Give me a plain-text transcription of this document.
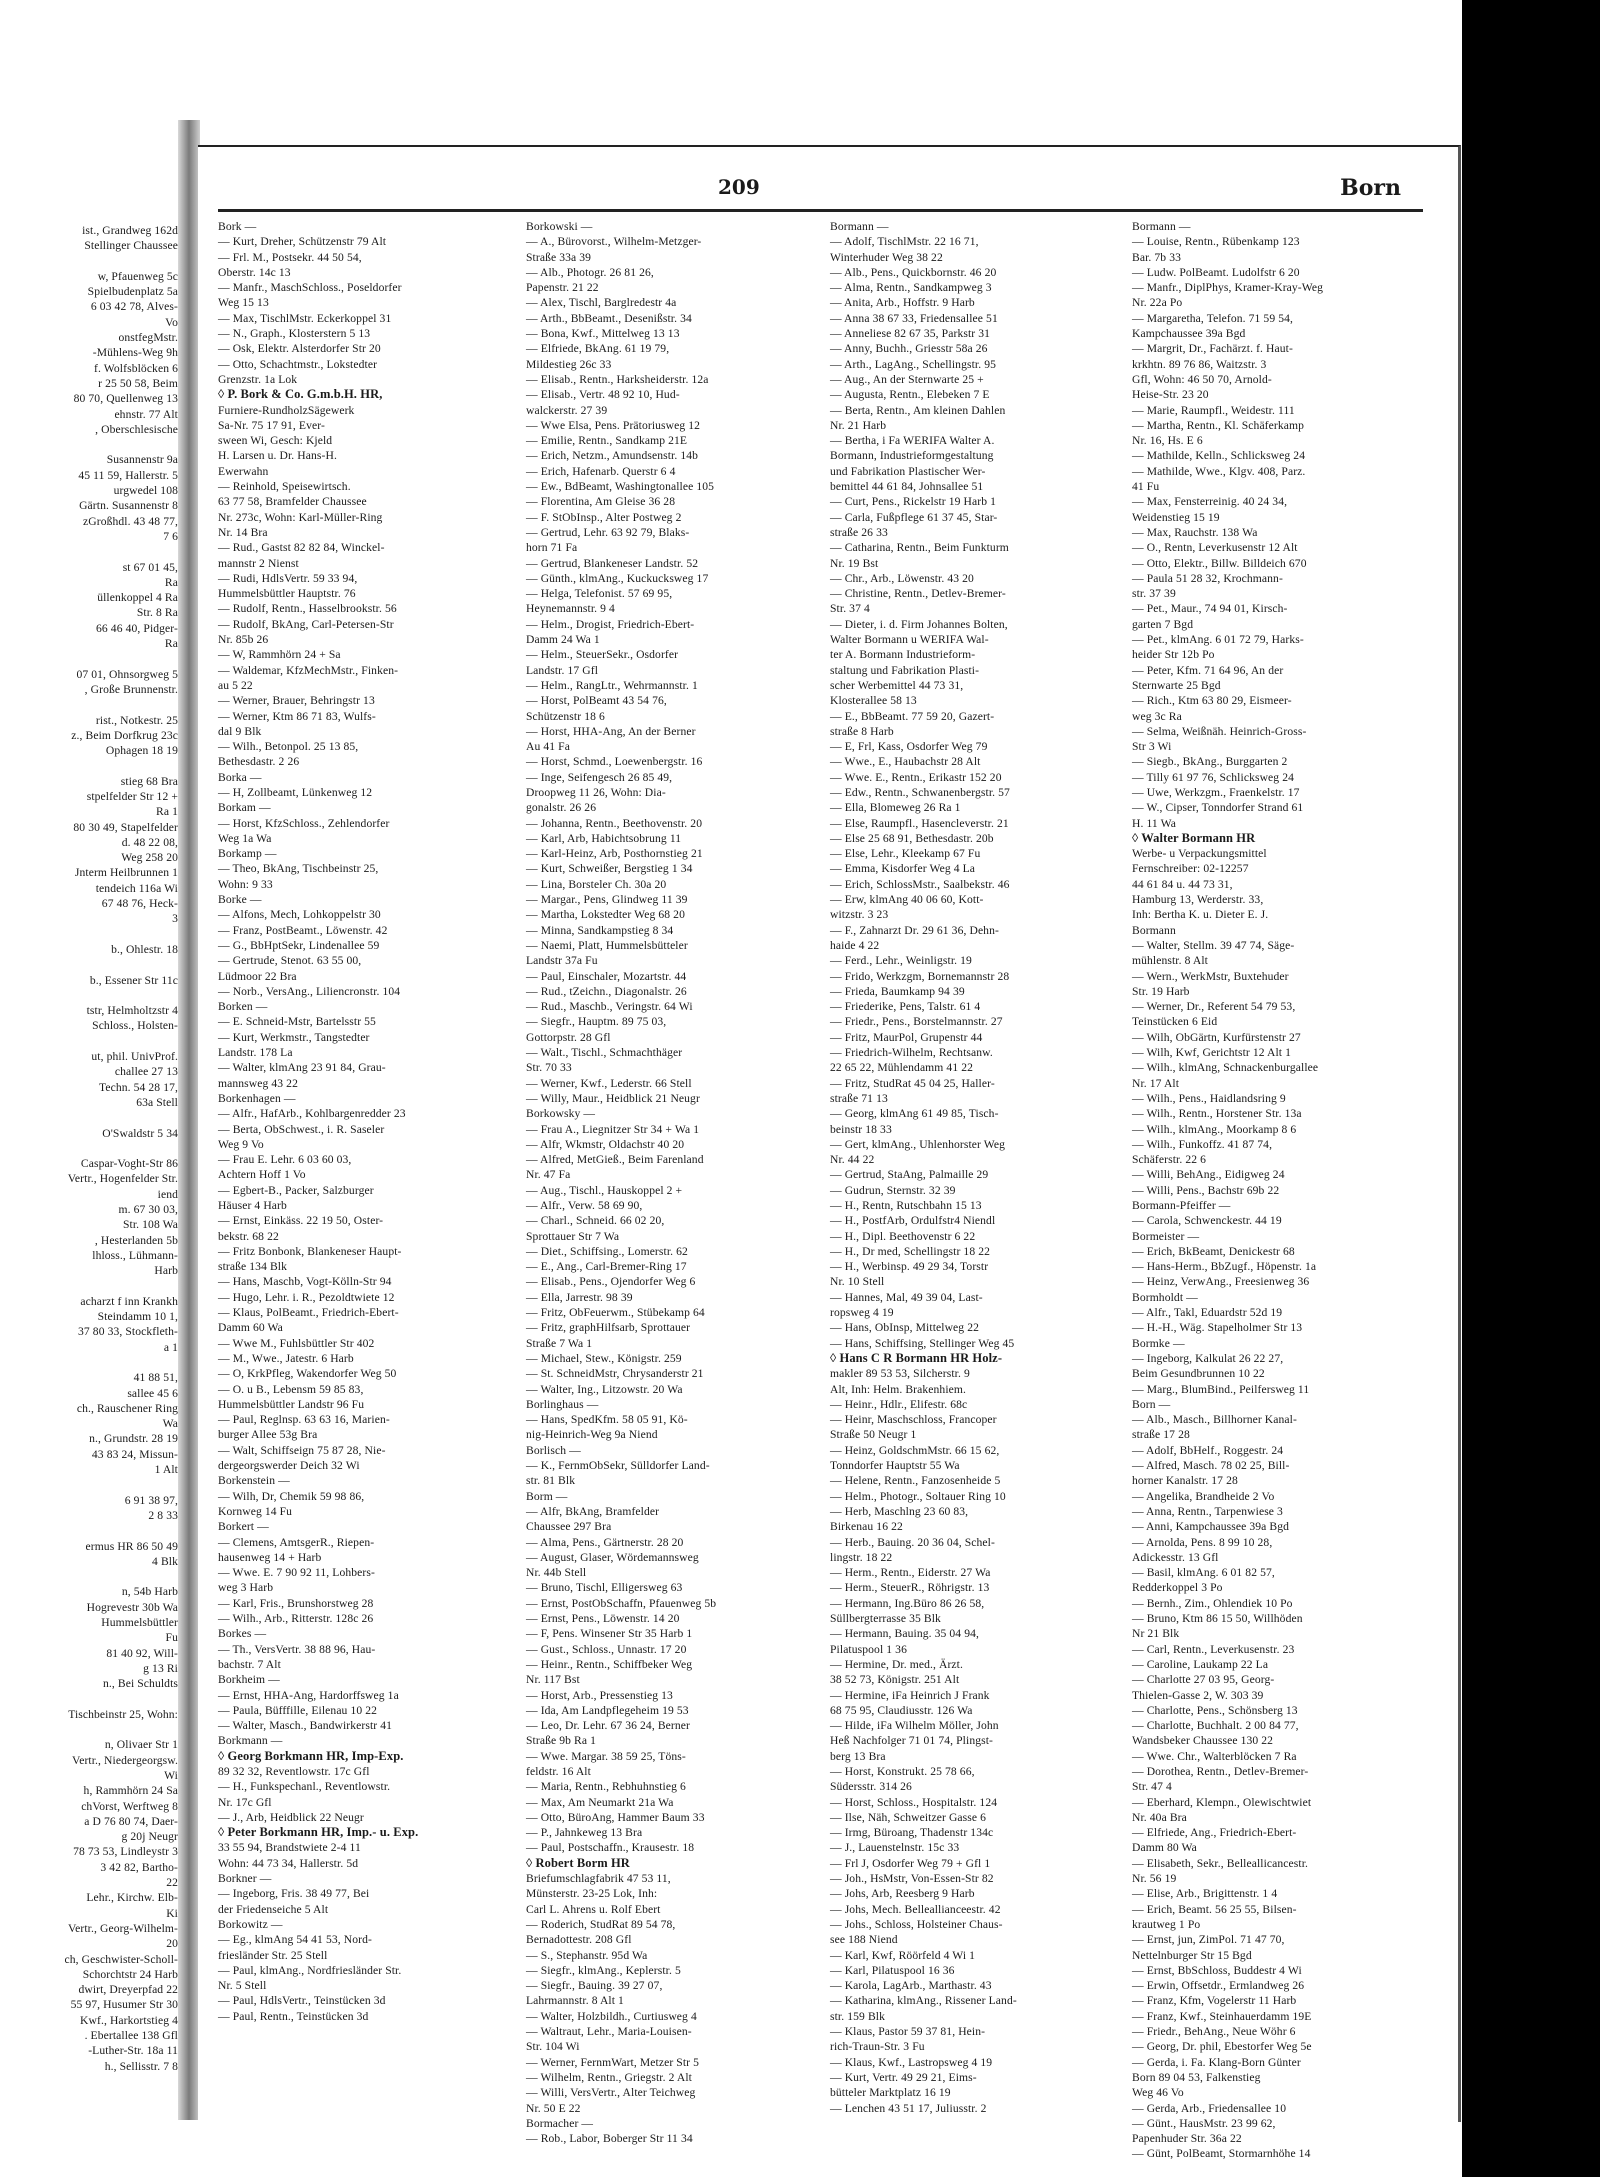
ist., Grandweg 162d
Stellinger Chaussee

w, Pfauenweg 5c
Spielbudenplatz 5a
6 03 42 78, Alves-
Vo
onstfegMstr.
-Mühlens-Weg 9h
f. Wolfsblöcken 6
r 25 50 58, Beim
80 70, Quellenweg 13
ehnstr. 77 Alt
, Oberschlesische

Susannenstr 9a
45 11 59, Hallerstr. 5
urgwedel 108
Gärtn. Susannenstr 8
zGroßhdl. 43 48 77,
7 6

st 67 01 45,
Ra
üllenkoppel 4 Ra
Str. 8 Ra
66 46 40, Pidger-
Ra

07 01, Ohnsorgweg 5
, Große Brunnenstr.

rist., Notkestr. 25
z., Beim Dorfkrug 23c
Ophagen 18 19

stieg 68 Bra
stpelfelder Str 12 +
Ra 1
80 30 49, Stapelfelder
d. 48 22 08,
Weg 258 20
Jnterm Heilbrunnen 1
tendeich 116a Wi
67 48 76, Heck-
3

b., Ohlestr. 18

b., Essener Str 11c

tstr, Helmholtzstr 4
Schloss., Holsten-

ut, phil. UnivProf.
challee 27 13
Techn. 54 28 17,
63a Stell

O'Swaldstr 5 34

Caspar-Voght-Str 86
Vertr., Hogenfelder Str.
iend
m. 67 30 03,
Str. 108 Wa
, Hesterlanden 5b
lhloss., Lühmann-
Harb

acharzt f inn Krankh
Steindamm 10 1,
37 80 33, Stockfleth-
a 1

41 88 51,
sallee 45 6
ch., Rauschener Ring
Wa
n., Grundstr. 28 19
43 83 24, Missun-
1 Alt

6 91 38 97,
2 8 33

ermus HR 86 50 49
4 Blk

n, 54b Harb
Hogrevestr 30b Wa
Hummelsbüttler
Fu
81 40 92, Will-
g 13 Ri
n., Bei Schuldts

Tischbeinstr 25, Wohn:

n, Olivaer Str 1
Vertr., Niedergeorgsw.
Wi
h, Rammhörn 24 Sa
chVorst, Werftweg 8
a D 76 80 74, Daer-
g 20j Neugr
78 73 53, Lindleystr 3
3 42 82, Bartho-
22
Lehr., Kirchw. Elb-
Ki
Vertr., Georg-Wilhelm-
20
ch, Geschwister-Scholl-
Schorchtstr 24 Harb
dwirt, Dreyerpfad 22
55 97, Husumer Str 30
Kwf., Harkortstieg 4
. Ebertallee 138 Gfl
-Luther-Str. 18a 11
h., Sellisstr. 7 8
209	Born
Bork —
— Kurt, Dreher, Schützenstr 79 Alt
— Frl. M., Postsekr. 44 50 54,
Oberstr. 14c 13
— Manfr., MaschSchloss., Poseldorfer
Weg 15 13
— Max, TischlMstr. Eckerkoppel 31
— N., Graph., Klosterstern 5 13
— Osk, Elektr. Alsterdorfer Str 20
— Otto, Schachtmstr., Lokstedter
Grenzstr. 1a Lok
◊ P. Bork & Co. G.m.b.H. HR,
Furniere-RundholzSägewerk
Sa-Nr. 75 17 91, Ever-
sween Wi, Gesch: Kjeld
H. Larsen u. Dr. Hans-H.
Ewerwahn
— Reinhold, Speisewirtsch.
63 77 58, Bramfelder Chaussee
Nr. 273c, Wohn: Karl-Müller-Ring
Nr. 14 Bra
— Rud., Gastst 82 82 84, Winckel-
mannstr 2 Nienst
— Rudi, HdlsVertr. 59 33 94,
Hummelsbüttler Hauptstr. 76
— Rudolf, Rentn., Hasselbrookstr. 56
— Rudolf, BkAng, Carl-Petersen-Str
Nr. 85b 26
— W, Rammhörn 24 + Sa
— Waldemar, KfzMechMstr., Finken-
au 5 22
— Werner, Brauer, Behringstr 13
— Werner, Ktm 86 71 83, Wulfs-
dal 9 Blk
— Wilh., Betonpol. 25 13 85,
Bethesdastr. 2 26
Borka —
— H, Zollbeamt, Lünkenweg 12
Borkam —
— Horst, KfzSchloss., Zehlendorfer
Weg 1a Wa
Borkamp —
— Theo, BkAng, Tischbeinstr 25,
Wohn: 9 33
Borke —
— Alfons, Mech, Lohkoppelstr 30
— Franz, PostBeamt., Löwenstr. 42
— G., BbHptSekr, Lindenallee 59
— Gertrude, Stenot. 63 55 00,
Lüdmoor 22 Bra
— Norb., VersAng., Liliencronstr. 104
Borken —
— E. Schneid-Mstr, Bartelsstr 55
— Kurt, Werkmstr., Tangstedter
Landstr. 178 La
— Walter, klmAng 23 91 84, Grau-
mannsweg 43 22
Borkenhagen —
— Alfr., HafArb., Kohlbargenredder 23
— Berta, ObSchwest., i. R. Saseler
Weg 9 Vo
— Frau E. Lehr. 6 03 60 03,
Achtern Hoff 1 Vo
— Egbert-B., Packer, Salzburger
Häuser 4 Harb
— Ernst, Einkäss. 22 19 50, Oster-
bekstr. 68 22
— Fritz Bonbonk, Blankeneser Haupt-
straße 134 Blk
— Hans, Maschb, Vogt-Kölln-Str 94
— Hugo, Lehr. i. R., Pezoldtwiete 12
— Klaus, PolBeamt., Friedrich-Ebert-
Damm 60 Wa
— Wwe M., Fuhlsbüttler Str 402
— M., Wwe., Jatestr. 6 Harb
— O, KrkPfleg, Wakendorfer Weg 50
— O. u B., Lebensm 59 85 83,
Hummelsbüttler Landstr 96 Fu
— Paul, Reglnsp. 63 63 16, Marien-
burger Allee 53g Bra
— Walt, Schiffseign 75 87 28, Nie-
dergeorgswerder Deich 32 Wi
Borkenstein —
— Wilh, Dr, Chemik 59 98 86,
Kornweg 14 Fu
Borkert —
— Clemens, AmtsgerR., Riepen-
hausenweg 14 + Harb
— Wwe. E. 7 90 92 11, Lohbers-
weg 3 Harb
— Karl, Fris., Brunshorstweg 28
— Wilh., Arb., Ritterstr. 128c 26
Borkes —
— Th., VersVertr. 38 88 96, Hau-
bachstr. 7 Alt
Borkheim —
— Ernst, HHA-Ang, Hardorffsweg 1a
— Paula, Büfffille, Eilenau 10 22
— Walter, Masch., Bandwirkerstr 41
Borkmann —
◊ Georg Borkmann HR, Imp-Exp.
89 32 32, Reventlowstr. 17c Gfl
— H., Funkspechanl., Reventlowstr.
Nr. 17c Gfl
— J., Arb, Heidblick 22 Neugr
◊ Peter Borkmann HR, Imp.- u. Exp.
33 55 94, Brandstwiete 2-4 11
Wohn: 44 73 34, Hallerstr. 5d
Borkner —
— Ingeborg, Fris. 38 49 77, Bei
der Friedenseiche 5 Alt
Borkowitz —
— Eg., klmAng 54 41 53, Nord-
friesländer Str. 25 Stell
— Paul, klmAng., Nordfriesländer Str.
Nr. 5 Stell
— Paul, HdlsVertr., Teinstücken 3d
— Paul, Rentn., Teinstücken 3d
Borkowski —
— A., Bürovorst., Wilhelm-Metzger-
Straße 33a 39
— Alb., Photogr. 26 81 26,
Papenstr. 21 22
— Alex, Tischl, Barglredestr 4a
— Arth., BbBeamt., Desenißstr. 34
— Bona, Kwf., Mittelweg 13 13
— Elfriede, BkAng. 61 19 79,
Mildestieg 26c 33
— Elisab., Rentn., Harksheiderstr. 12a
— Elisab., Vertr. 48 92 10, Hud-
walckerstr. 27 39
— Wwe Elsa, Pens. Prätoriusweg 12
— Emilie, Rentn., Sandkamp 21E
— Erich, Netzm., Amundsenstr. 14b
— Erich, Hafenarb. Querstr 6 4
— Ew., BdBeamt, Washingtonallee 105
— Florentina, Am Gleise 36 28
— F. StObInsp., Alter Postweg 2
— Gertrud, Lehr. 63 92 79, Blaks-
horn 71 Fa
— Gertrud, Blankeneser Landstr. 52
— Günth., klmAng., Kuckucksweg 17
— Helga, Telefonist. 57 69 95,
Heynemannstr. 9 4
— Helm., Drogist, Friedrich-Ebert-
Damm 24 Wa 1
— Helm., SteuerSekr., Osdorfer
Landstr. 17 Gfl
— Helm., RangLtr., Wehrmannstr. 1
— Horst, PolBeamt 43 54 76,
Schützenstr 18 6
— Horst, HHA-Ang, An der Berner
Au 41 Fa
— Horst, Schmd., Loewenbergstr. 16
— Inge, Seifengesch 26 85 49,
Droopweg 11 26, Wohn: Dia-
gonalstr. 26 26
— Johanna, Rentn., Beethovenstr. 20
— Karl, Arb, Habichtsobrung 11
— Karl-Heinz, Arb, Posthornstieg 21
— Kurt, Schweißer, Bergstieg 1 34
— Lina, Borsteler Ch. 30a 20
— Margar., Pens, Glindweg 11 39
— Martha, Lokstedter Weg 68 20
— Minna, Sandkampstieg 8 34
— Naemi, Platt, Hummelsbütteler
Landstr 37a Fu
— Paul, Einschaler, Mozartstr. 44
— Rud., tZeichn., Diagonalstr. 26
— Rud., Maschb., Veringstr. 64 Wi
— Siegfr., Hauptm. 89 75 03,
Gottorpstr. 28 Gfl
— Walt., Tischl., Schmachthäger
Str. 70 33
— Werner, Kwf., Lederstr. 66 Stell
— Willy, Maur., Heidblick 21 Neugr
Borkowsky —
— Frau A., Liegnitzer Str 34 + Wa 1
— Alfr, Wkmstr, Oldachstr 40 20
— Alfred, MetGieß., Beim Farenland
Nr. 47 Fa
— Aug., Tischl., Hauskoppel 2 +
— Alfr., Verw. 58 69 90,
— Charl., Schneid. 66 02 20,
Sprottauer Str 7 Wa
— Diet., Schiffsing., Lomerstr. 62
— E., Ang., Carl-Bremer-Ring 17
— Elisab., Pens., Ojendorfer Weg 6
— Ella, Jarrestr. 98 39
— Fritz, ObFeuerwm., Stübekamp 64
— Fritz, graphHilfsarb, Sprottauer
Straße 7 Wa 1
— Michael, Stew., Königstr. 259
— St. SchneidMstr, Chrysanderstr 21
— Walter, Ing., Litzowstr. 20 Wa
Borlinghaus —
— Hans, SpedKfm. 58 05 91, Kö-
nig-Heinrich-Weg 9a Niend
Borlisch —
— K., FernmObSekr, Sülldorfer Land-
str. 81 Blk
Borm —
— Alfr, BkAng, Bramfelder
Chaussee 297 Bra
— Alma, Pens., Gärtnerstr. 28 20
— August, Glaser, Wördemannsweg
Nr. 44b Stell
— Bruno, Tischl, Elligersweg 63
— Ernst, PostObSchaffn, Pfauenweg 5b
— Ernst, Pens., Löwenstr. 14 20
— F, Pens. Winsener Str 35 Harb 1
— Gust., Schloss., Unnastr. 17 20
— Heinr., Rentn., Schiffbeker Weg
Nr. 117 Bst
— Horst, Arb., Pressenstieg 13
— Ida, Am Landpflegeheim 19 53
— Leo, Dr. Lehr. 67 36 24, Berner
Straße 9b Ra 1
— Wwe. Margar. 38 59 25, Töns-
feldstr. 16 Alt
— Maria, Rentn., Rebhuhnstieg 6
— Max, Am Neumarkt 21a Wa
— Otto, BüroAng, Hammer Baum 33
— P., Jahnkeweg 13 Bra
— Paul, Postschaffn., Krausestr. 18
◊ Robert Borm HR
Briefumschlagfabrik 47 53 11,
Münsterstr. 23-25 Lok, Inh:
Carl L. Ahrens u. Rolf Ebert
— Roderich, StudRat 89 54 78,
Bernadottestr. 208 Gfl
— S., Stephanstr. 95d Wa
— Siegfr., klmAng., Keplerstr. 5
— Siegfr., Bauing. 39 27 07,
Lahrmannstr. 8 Alt 1
— Walter, Holzbildh., Curtiusweg 4
— Waltraut, Lehr., Maria-Louisen-
Str. 104 Wi
— Werner, FernmWart, Metzer Str 5
— Wilhelm, Rentn., Griegstr. 2 Alt
— Willi, VersVertr., Alter Teichweg
Nr. 50 E 22
Bormacher —
— Rob., Labor, Boberger Str 11 34
Bormann —
— Adolf, TischlMstr. 22 16 71,
Winterhuder Weg 38 22
— Alb., Pens., Quickbornstr. 46 20
— Alma, Rentn., Sandkampweg 3
— Anita, Arb., Hoffstr. 9 Harb
— Anna 38 67 33, Friedensallee 51
— Anneliese 82 67 35, Parkstr 31
— Anny, Buchh., Griesstr 58a 26
— Arth., LagAng., Schellingstr. 95
— Aug., An der Sternwarte 25 +
— Augusta, Rentn., Elebeken 7 E
— Berta, Rentn., Am kleinen Dahlen
Nr. 21 Harb
— Bertha, i Fa WERIFA Walter A.
Bormann, Industrieformgestaltung
und Fabrikation Plastischer Wer-
bemittel 44 61 84, Johnsallee 51
— Curt, Pens., Rickelstr 19 Harb 1
— Carla, Fußpflege 61 37 45, Star-
straße 26 33
— Catharina, Rentn., Beim Funkturm
Nr. 19 Bst
— Chr., Arb., Löwenstr. 43 20
— Christine, Rentn., Detlev-Bremer-
Str. 37 4
— Dieter, i. d. Firm Johannes Bolten,
Walter Bormann u WERIFA Wal-
ter A. Bormann Industrieform-
staltung und Fabrikation Plasti-
scher Werbemittel 44 73 31,
Klosterallee 58 13
— E., BbBeamt. 77 59 20, Gazert-
straße 8 Harb
— E, Frl, Kass, Osdorfer Weg 79
— Wwe., E., Haubachstr 28 Alt
— Wwe. E., Rentn., Erikastr 152 20
— Edw., Rentn., Schwanenbergstr. 57
— Ella, Blomeweg 26 Ra 1
— Else, Raumpfl., Hasencleverstr. 21
— Else 25 68 91, Bethesdastr. 20b
— Else, Lehr., Kleekamp 67 Fu
— Emma, Kisdorfer Weg 4 La
— Erich, SchlossMstr., Saalbekstr. 46
— Erw, klmAng 40 06 60, Kott-
witzstr. 3 23
— F., Zahnarzt Dr. 29 61 36, Dehn-
haide 4 22
— Ferd., Lehr., Weinligstr. 19
— Frido, Werkzgm, Bornemannstr 28
— Frieda, Baumkamp 94 39
— Friederike, Pens, Talstr. 61 4
— Friedr., Pens., Borstelmannstr. 27
— Fritz, MaurPol, Grupenstr 44
— Friedrich-Wilhelm, Rechtsanw.
22 65 22, Mühlendamm 41 22
— Fritz, StudRat 45 04 25, Haller-
straße 71 13
— Georg, klmAng 61 49 85, Tisch-
beinstr 18 33
— Gert, klmAng., Uhlenhorster Weg
Nr. 44 22
— Gertrud, StaAng, Palmaille 29
— Gudrun, Sternstr. 32 39
— H., Rentn, Rutschbahn 15 13
— H., PostfArb, Ordulfstr4 Niendl
— H., Dipl. Beethovenstr 6 22
— H., Dr med, Schellingstr 18 22
— H., Werbinsp. 49 29 34, Torstr
Nr. 10 Stell
— Hannes, Mal, 49 39 04, Last-
ropsweg 4 19
— Hans, ObInsp, Mittelweg 22
— Hans, Schiffsing, Stellinger Weg 45
◊ Hans C R Bormann HR Holz-
makler 89 53 53, Silcherstr. 9
Alt, Inh: Helm. Brakenhiem.
— Heinr., Hdlr., Elifestr. 68c
— Heinr, Maschschloss, Francoper
Straße 50 Neugr 1
— Heinz, GoldschmMstr. 66 15 62,
Tonndorfer Hauptstr 55 Wa
— Helene, Rentn., Fanzosenheide 5
— Helm., Photogr., Soltauer Ring 10
— Herb, Maschlng 23 60 83,
Birkenau 16 22
— Herb., Bauing. 20 36 04, Schel-
lingstr. 18 22
— Herm., Rentn., Eiderstr. 27 Wa
— Herm., SteuerR., Röhrigstr. 13
— Hermann, Ing.Büro 86 26 58,
Süllbergterrasse 35 Blk
— Hermann, Bauing. 35 04 94,
Pilatuspool 1 36
— Hermine, Dr. med., Ärzt.
38 52 73, Königstr. 251 Alt
— Hermine, iFa Heinrich J Frank
68 75 95, Claudiusstr. 126 Wa
— Hilde, iFa Wilhelm Möller, John
Heß Nachfolger 71 01 74, Plingst-
berg 13 Bra
— Horst, Konstrukt. 25 78 66,
Südersstr. 314 26
— Horst, Schloss., Hospitalstr. 124
— Ilse, Näh, Schweitzer Gasse 6
— Irmg, Büroang, Thadenstr 134c
— J., Lauenstelnstr. 15c 33
— Frl J, Osdorfer Weg 79 + Gfl 1
— Joh., HsMstr, Von-Essen-Str 82
— Johs, Arb, Reesberg 9 Harb
— Johs, Mech. Belleallianceestr. 42
— Johs., Schloss, Holsteiner Chaus-
see 188 Niend
— Karl, Kwf, Röörfeld 4 Wi 1
— Karl, Pilatuspool 16 36
— Karola, LagArb., Marthastr. 43
— Katharina, klmAng., Rissener Land-
str. 159 Blk
— Klaus, Pastor 59 37 81, Hein-
rich-Traun-Str. 3 Fu
— Klaus, Kwf., Lastropsweg 4 19
— Kurt, Vertr. 49 29 21, Eims-
bütteler Marktplatz 16 19
— Lenchen 43 51 17, Juliusstr. 2
Bormann —
— Louise, Rentn., Rübenkamp 123
Bar. 7b 33
— Ludw. PolBeamt. Ludolfstr 6 20
— Manfr., DiplPhys, Kramer-Kray-Weg
Nr. 22a Po
— Margaretha, Telefon. 71 59 54,
Kampchaussee 39a Bgd
— Margrit, Dr., Fachärzt. f. Haut-
krkhtn. 89 76 86, Waitzstr. 3
Gfl, Wohn: 46 50 70, Arnold-
Heise-Str. 23 20
— Marie, Raumpfl., Weidestr. 111
— Martha, Rentn., Kl. Schäferkamp
Nr. 16, Hs. E 6
— Mathilde, Kelln., Schlicksweg 24
— Mathilde, Wwe., Klgv. 408, Parz.
41 Fu
— Max, Fensterreinig. 40 24 34,
Weidenstieg 15 19
— Max, Rauchstr. 138 Wa
— O., Rentn, Leverkusenstr 12 Alt
— Otto, Elektr., Billw. Billdeich 670
— Paula 51 28 32, Krochmann-
str. 37 39
— Pet., Maur., 74 94 01, Kirsch-
garten 7 Bgd
— Pet., klmAng. 6 01 72 79, Harks-
heider Str 12b Po
— Peter, Kfm. 71 64 96, An der
Sternwarte 25 Bgd
— Rich., Ktm 63 80 29, Eismeer-
weg 3c Ra
— Selma, Weißnäh. Heinrich-Gross-
Str 3 Wi
— Siegb., BkAng., Burggarten 2
— Tilly 61 97 76, Schlicksweg 24
— Uwe, Werkzgm., Fraenkelstr. 17
— W., Cipser, Tonndorfer Strand 61
H. 11 Wa
◊ Walter Bormann HR
Werbe- u Verpackungsmittel
Fernschreiber: 02-12257
44 61 84 u. 44 73 31,
Hamburg 13, Werderstr. 33,
Inh: Bertha K. u. Dieter E. J.
Bormann
— Walter, Stellm. 39 47 74, Säge-
mühlenstr. 8 Alt
— Wern., WerkMstr, Buxtehuder
Str. 19 Harb
— Werner, Dr., Referent 54 79 53,
Teinstücken 6 Eid
— Wilh, ObGärtn, Kurfürstenstr 27
— Wilh, Kwf, Gerichtstr 12 Alt 1
— Wilh., klmAng, Schnackenburgallee
Nr. 17 Alt
— Wilh., Pens., Haidlandsring 9
— Wilh., Rentn., Horstener Str. 13a
— Wilh., klmAng., Moorkamp 8 6
— Wilh., Funkoffz. 41 87 74,
Schäferstr. 22 6
— Willi, BehAng., Eidigweg 24
— Willi, Pens., Bachstr 69b 22
Bormann-Pfeiffer —
— Carola, Schwenckestr. 44 19
Bormeister —
— Erich, BkBeamt, Denickestr 68
— Hans-Herm., BbZugf., Höpenstr. 1a
— Heinz, VerwAng., Freesienweg 36
Bormholdt —
— Alfr., Takl, Eduardstr 52d 19
— H.-H., Wäg. Stapelholmer Str 13
Bormke —
— Ingeborg, Kalkulat 26 22 27,
Beim Gesundbrunnen 10 22
— Marg., BlumBind., Peilfersweg 11
Born —
— Alb., Masch., Billhorner Kanal-
straße 17 28
— Adolf, BbHelf., Roggestr. 24
— Alfred, Masch. 78 02 25, Bill-
horner Kanalstr. 17 28
— Angelika, Brandheide 2 Vo
— Anna, Rentn., Tarpenwiese 3
— Anni, Kampchaussee 39a Bgd
— Arnolda, Pens. 8 99 10 28,
Adickesstr. 13 Gfl
— Basil, klmAng. 6 01 82 57,
Redderkoppel 3 Po
— Bernh., Zim., Ohlendiek 10 Po
— Bruno, Ktm 86 15 50, Willhöden
Nr 21 Blk
— Carl, Rentn., Leverkusenstr. 23
— Caroline, Laukamp 22 La
— Charlotte 27 03 95, Georg-
Thielen-Gasse 2, W. 303 39
— Charlotte, Pens., Schönsberg 13
— Charlotte, Buchhalt. 2 00 84 77,
Wandsbeker Chaussee 130 22
— Wwe. Chr., Walterblöcken 7 Ra
— Dorothea, Rentn., Detlev-Bremer-
Str. 47 4
— Eberhard, Klempn., Olewischtwiet
Nr. 40a Bra
— Elfriede, Ang., Friedrich-Ebert-
Damm 80 Wa
— Elisabeth, Sekr., Belleallicancestr.
Nr. 56 19
— Elise, Arb., Brigittenstr. 1 4
— Erich, Beamt. 56 25 55, Bilsen-
krautweg 1 Po
— Ernst, jun, ZimPol. 71 47 70,
Nettelnburger Str 15 Bgd
— Ernst, BbSchloss, Buddestr 4 Wi
— Erwin, Offsetdr., Ermlandweg 26
— Franz, Kfm, Vogelerstr 11 Harb
— Franz, Kwf., Steinhauerdamm 19E
— Friedr., BehAng., Neue Wöhr 6
— Georg, Dr. phil, Ebestorfer Weg 5e
— Gerda, i. Fa. Klang-Born Günter
Born 89 04 53, Falkenstieg
Weg 46 Vo
— Gerda, Arb., Friedensallee 10
— Günt., HausMstr. 23 99 62,
Papenhuder Str. 36a 22
— Günt, PolBeamt, Stormarnhöhe 14
